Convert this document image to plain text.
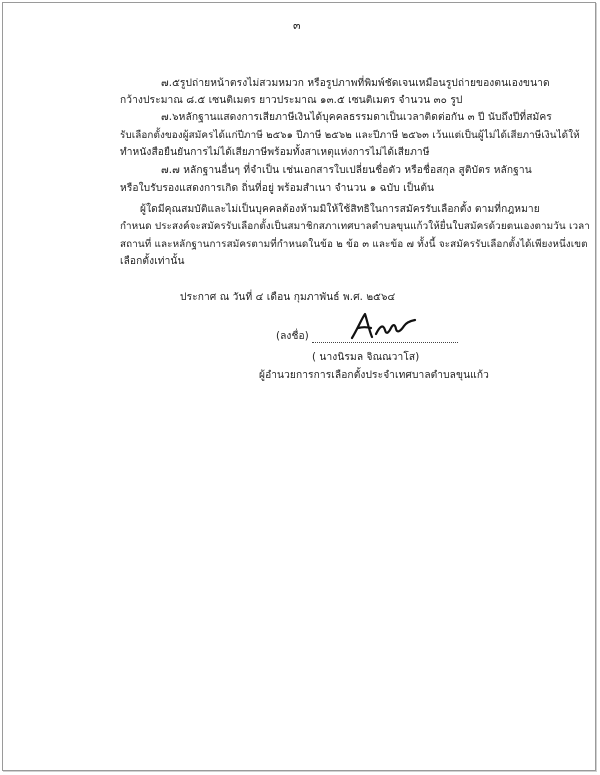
๓
๗.๕รูปถ่ายหน้าตรงไม่สวมหมวก หรือรูปภาพที่พิมพ์ชัดเจนเหมือนรูปถ่ายของตนเองขนาด
กว้างประมาณ ๘.๕ เซนติเมตร ยาวประมาณ ๑๓.๕ เซนติเมตร จำนวน ๓๐ รูป
๗.๖หลักฐานแสดงการเสียภาษีเงินได้บุคคลธรรมดาเป็นเวลาติดต่อกัน ๓ ปี นับถึงปีที่สมัคร
รับเลือกตั้งของผู้สมัครได้แก่ปีภาษี ๒๕๖๑ ปีภาษี ๒๕๖๒ และปีภาษี ๒๕๖๓ เว้นแต่เป็นผู้ไม่ได้เสียภาษีเงินได้ให้
ทำหนังสือยืนยันการไม่ได้เสียภาษีพร้อมทั้งสาเหตุแห่งการไม่ได้เสียภาษี
๗.๗ หลักฐานอื่นๆ ที่จำเป็น เช่นเอกสารใบเปลี่ยนชื่อตัว หรือชื่อสกุล สูติบัตร หลักฐาน
หรือใบรับรองแสดงการเกิด ถิ่นที่อยู่ พร้อมสำเนา จำนวน ๑ ฉบับ เป็นต้น
ผู้ใดมีคุณสมบัติและไม่เป็นบุคคลต้องห้ามมิให้ใช้สิทธิในการสมัครรับเลือกตั้ง ตามที่กฎหมาย
กำหนด ประสงค์จะสมัครรับเลือกตั้งเป็นสมาชิกสภาเทศบาลตำบลขุนแก้วให้ยื่นใบสมัครด้วยตนเองตามวัน เวลา
สถานที่ และหลักฐานการสมัครตามที่กำหนดในข้อ ๒ ข้อ ๓ และข้อ ๗ ทั้งนี้ จะสมัครรับเลือกตั้งได้เพียงหนึ่งเขต
เลือกตั้งเท่านั้น
ประกาศ ณ วันที่ ๔ เดือน กุมภาพันธ์ พ.ศ. ๒๕๖๔
(ลงชื่อ)
( นางนิรมล จิณณวาโส)
ผู้อำนวยการการเลือกตั้งประจำเทศบาลตำบลขุนแก้ว
